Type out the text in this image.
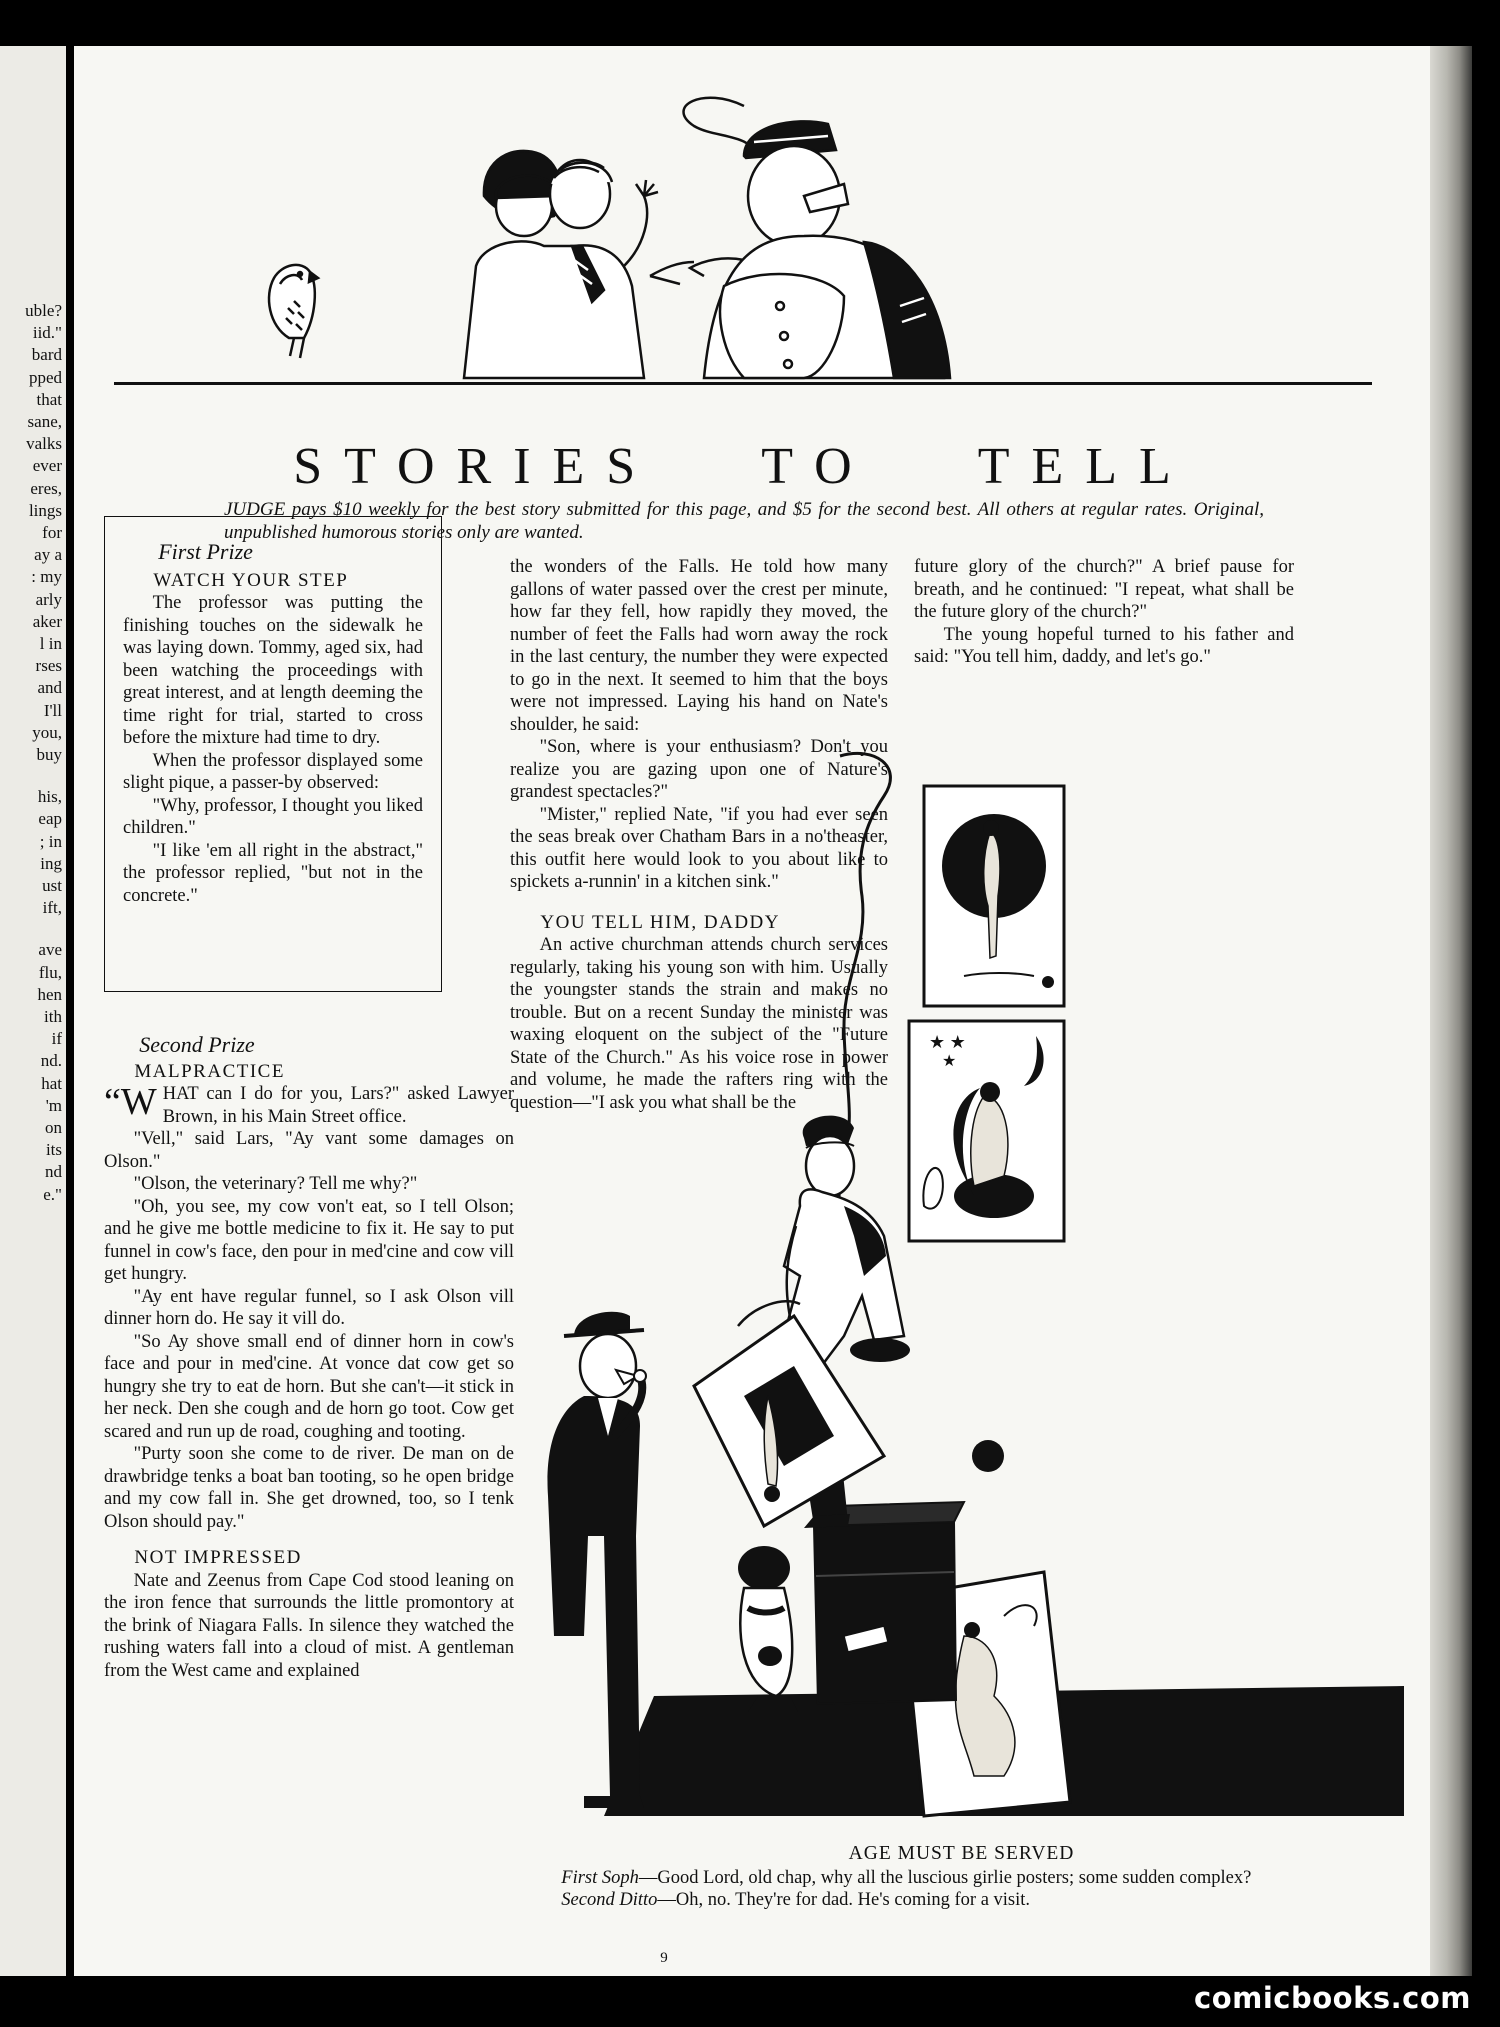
uble?
iid."
bard
pped
that
sane,
valks
ever
eres,
lings
for
ay a
: my
arly
aker
l in
rses
and
I'll
you,
buy
his,
eap
; in
ing
ust
ift,
ave
flu,
hen
ith
if
nd.
hat
'm
on
its
nd
e."
STORIES   TO   TELL
JUDGE pays $10 weekly for the best story submitted for this page, and $5 for the second best. All others at regular rates. Original, unpublished humorous stories only are wanted.

First Prize

WATCH YOUR STEP

The professor was putting the finishing touches on the sidewalk he was laying down. Tommy, aged six, had been watching the proceedings with great interest, and at length deeming the time right for trial, started to cross before the mixture had time to dry.

When the professor displayed some slight pique, a passer-by observed:

"Why, professor, I thought you liked children."

"I like 'em all right in the abstract," the professor replied, "but not in the concrete."

Second Prize

MALPRACTICE

“WHAT can I do for you, Lars?" asked Lawyer Brown, in his Main Street office.

"Vell," said Lars, "Ay vant some damages on Olson."

"Olson, the veterinary? Tell me why?"

"Oh, you see, my cow von't eat, so I tell Olson; and he give me bottle medicine to fix it. He say to put funnel in cow's face, den pour in med'cine and cow vill get hungry.

"Ay ent have regular funnel, so I ask Olson vill dinner horn do. He say it vill do.

"So Ay shove small end of dinner horn in cow's face and pour in med'cine. At vonce dat cow get so hungry she try to eat de horn. But she can't—it stick in her neck. Den she cough and de horn go toot. Cow get scared and run up de road, coughing and tooting.

"Purty soon she come to de river. De man on de drawbridge tenks a boat ban tooting, so he open bridge and my cow fall in. She get drowned, too, so I tenk Olson should pay."

NOT IMPRESSED

Nate and Zeenus from Cape Cod stood leaning on the iron fence that surrounds the little promontory at the brink of Niagara Falls. In silence they watched the rushing waters fall into a cloud of mist. A gentleman from the West came and explained

the wonders of the Falls. He told how many gallons of water passed over the crest per minute, how far they fell, how rapidly they moved, the number of feet the Falls had worn away the rock in the last century, the number they were expected to go in the next. It seemed to him that the boys were not impressed. Laying his hand on Nate's shoulder, he said:

"Son, where is your enthusiasm? Don't you realize you are gazing upon one of Nature's grandest spectacles?"

"Mister," replied Nate, "if you had ever seen the seas break over Chatham Bars in a no'theaster, this outfit here would look to you about like to spickets a-runnin' in a kitchen sink."

YOU TELL HIM, DADDY

An active churchman attends church services regularly, taking his young son with him. Usually the youngster stands the strain and makes no trouble. But on a recent Sunday the minister was waxing eloquent on the subject of the "Future State of the Church." As his voice rose in power and volume, he made the rafters ring with the question—"I ask you what shall be the

future glory of the church?" A brief pause for breath, and he continued: "I repeat, what shall be the future glory of the church?"

The young hopeful turned to his father and said: "You tell him, daddy, and let's go."

★ ★
★

AGE MUST BE SERVED

First Soph—Good Lord, old chap, why all the luscious girlie posters; some sudden complex?

Second Ditto—Oh, no. They're for dad. He's coming for a visit.

9
comicbooks.com
